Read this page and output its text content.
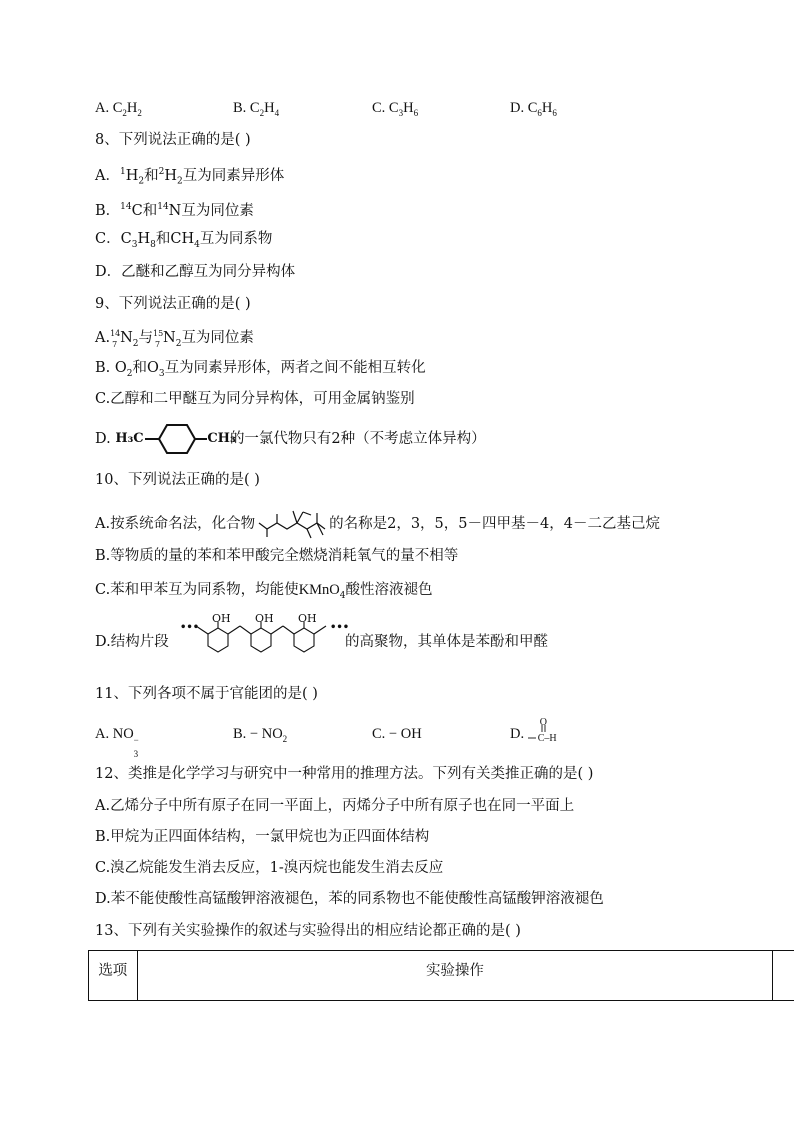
A. $C_2H_2$	B. $C_2H_4$	C. $C_3H_6$	D. $C_6H_6$
8、下列说法正确的是( )
A．$^1H_2$和$^2H_2$互为同素异形体
B．$^{14}$C和$^{14}$N互为同位素
C．$C_3H_8$和$CH_4$互为同系物
D．乙醚和乙醇互为同分异构体
9、下列说法正确的是( )
A. 14
7 $N_2$与 15
7 $N_2$互为同位素
B. $O_2$和$O_3$互为同素异形体，两者之间不能相互转化
C.乙醇和二甲醚互为同分异构体，可用金属钠鉴别
D. H₃C	CH₃
的一氯代物只有2种（不考虑立体异构）
10、下列说法正确的是( )
A.按系统命名法，化合物	的名称是2，3，5，5－四甲基－4，4－二乙基己烷
B.等物质的量的苯和苯甲酸完全燃烧消耗氧气的量不相等
C.苯和甲苯互为同系物，均能使KMnO$_4$酸性溶液褪色
D.结构片段
•••
OH OH OH
•••
的高聚物，其单体是苯酚和甲醛
11、下列各项不属于官能团的是( )
A. NO −
3
B. − $NO_2$	C. − OH	D.
O
C–H
12、类推是化学学习与研究中一种常用的推理方法。下列有关类推正确的是( )
A.乙烯分子中所有原子在同一平面上，丙烯分子中所有原子也在同一平面上
B.甲烷为正四面体结构，一氯甲烷也为正四面体结构
C.溴乙烷能发生消去反应，1-溴丙烷也能发生消去反应
D.苯不能使酸性高锰酸钾溶液褪色，苯的同系物也不能使酸性高锰酸钾溶液褪色
13、下列有关实验操作的叙述与实验得出的相应结论都正确的是( )
选项	实验操作	
